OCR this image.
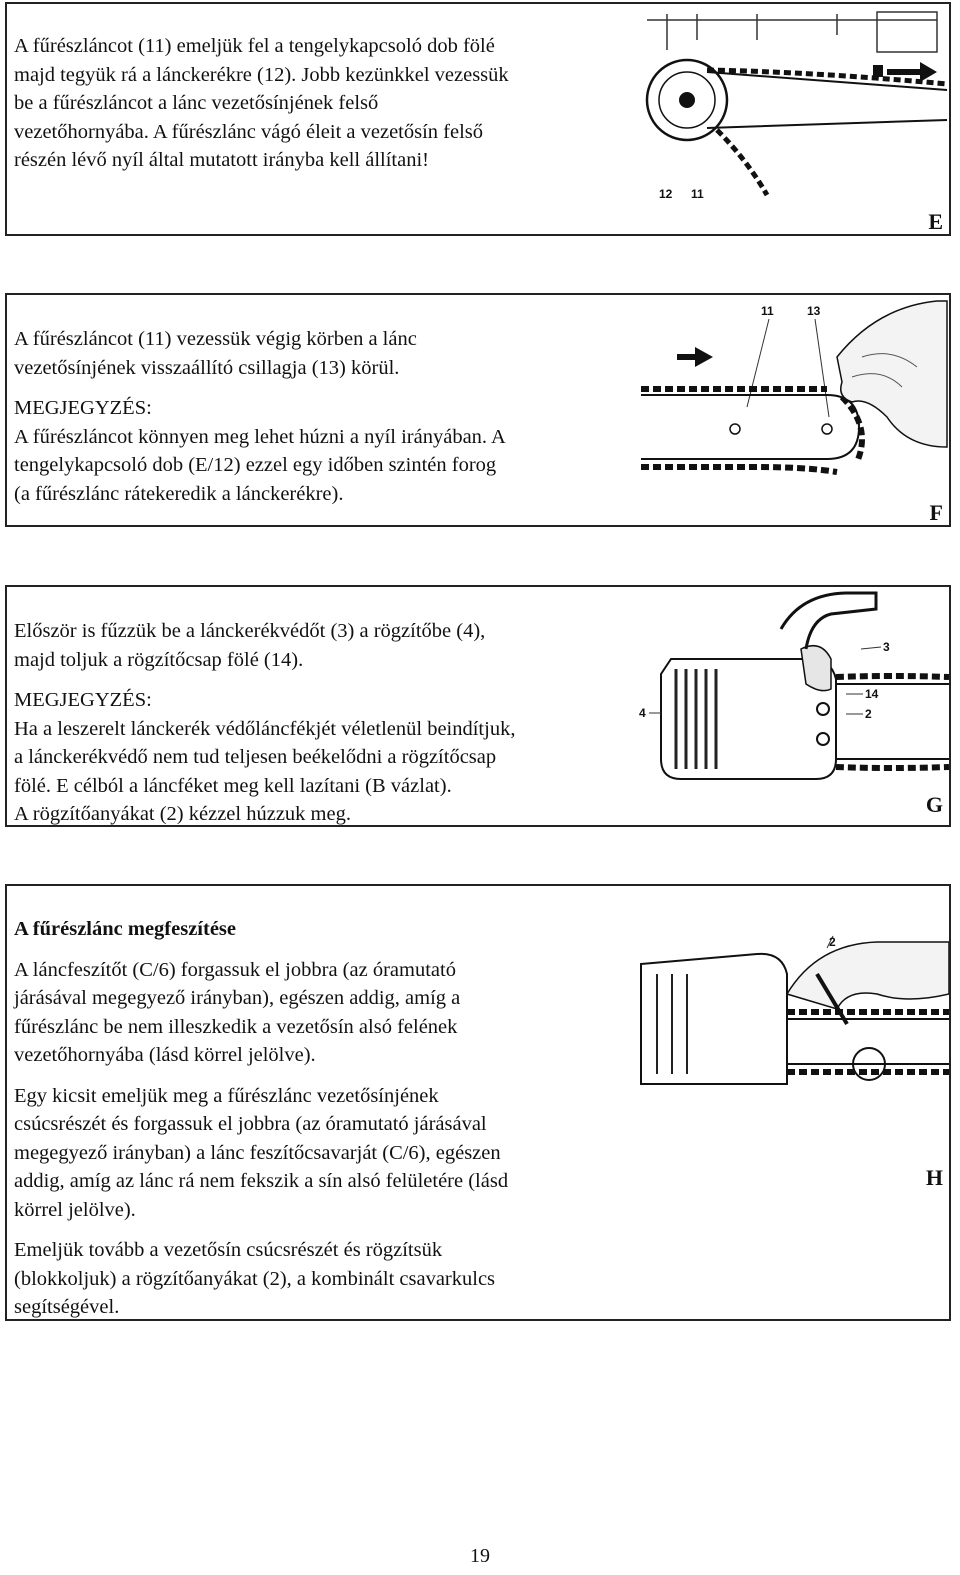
A fűrészláncot (11) emeljük fel a tengelykapcsoló dob fölé

majd tegyük rá a lánckerékre (12). Jobb kezünkkel vezessük

be a fűrészláncot a lánc vezetősínjének felső

vezetőhornyába. A fűrészlánc vágó éleit a vezetősín felső

részén lévő nyíl által mutatott irányba kell állítani!

12 11
E

A fűrészláncot (11) vezessük végig körben a lánc

vezetősínjének visszaállító csillagja (13) körül.

MEGJEGYZÉS:

A fűrészláncot könnyen meg lehet húzni a nyíl irányában. A

tengelykapcsoló dob (E/12) ezzel egy időben szintén forog

(a fűrészlánc rátekeredik a lánckerékre).

11	13
F

Először is fűzzük be a lánckerékvédőt (3) a rögzítőbe (4),

majd toljuk a rögzítőcsap fölé (14).

MEGJEGYZÉS:

Ha a leszerelt lánckerék védőláncfékjét véletlenül beindítjuk,

a lánckerékvédő nem tud teljesen beékelődni a rögzítőcsap

fölé. E célból a láncféket meg kell lazítani (B vázlat).

A rögzítőanyákat (2) kézzel húzzuk meg.

3
14
2
4
G

A fűrészlánc megfeszítése

A láncfeszítőt (C/6) forgassuk el jobbra (az óramutató

járásával megegyező irányban), egészen addig, amíg a

fűrészlánc be nem illeszkedik a vezetősín alsó felének

vezetőhornyába (lásd körrel jelölve).

Egy kicsit emeljük meg a fűrészlánc vezetősínjének

csúcsrészét és forgassuk el jobbra (az óramutató járásával

megegyező irányban) a lánc feszítőcsavarját (C/6), egészen

addig, amíg az lánc rá nem fekszik a sín alsó felületére (lásd

körrel jelölve).

Emeljük tovább a vezetősín csúcsrészét és rögzítsük

(blokkoljuk) a rögzítőanyákat (2), a kombinált csavarkulcs

segítségével.

2
H
19
